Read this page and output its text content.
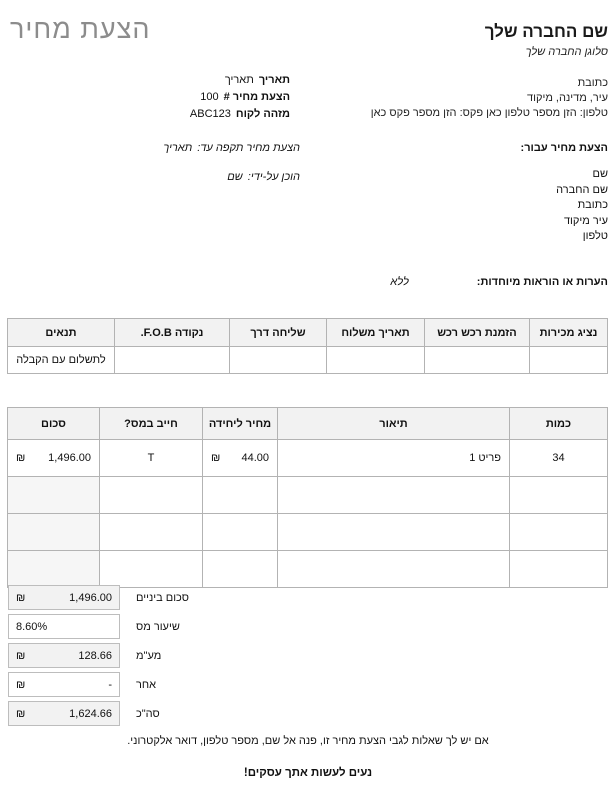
שם החברה שלך
סלוגן החברה שלך
כתובת
עיר, מדינה, מיקוד
טלפון: הזן מספר טלפון כאן פקס: הזן מספר פקס כאן
הצעת מחיר
תאריך
תאריך
הצעת מחיר #
100
מזהה לקוח
ABC123
הצעת מחיר עבור:
שם
שם החברה
כתובת
עיר מיקוד
טלפון
הצעת מחיר תקפה עד:
תאריך
הוכן על-ידי:
שם
הערות או הוראות מיוחדות:
ללא
נציג מכירות	הזמנת רכש רכש	תאריך משלוח	שליחה דרך	נקודה F.O.B.	תנאים
					לתשלום עם הקבלה
כמות	תיאור	מחיר ליחידה	חייב במס?	סכום
34	פריט 1	₪ 44.00	T	₪ 1,496.00

₪	1,496.00 סכום ביניים
8.60%	שיעור מס
₪	128.66 מע"מ
₪	- אחר
₪	1,624.66 סה"כ
אם יש לך שאלות לגבי הצעת מחיר זו, פנה אל שם, מספר טלפון, דואר אלקטרוני.
נעים לעשות אתך עסקים!
